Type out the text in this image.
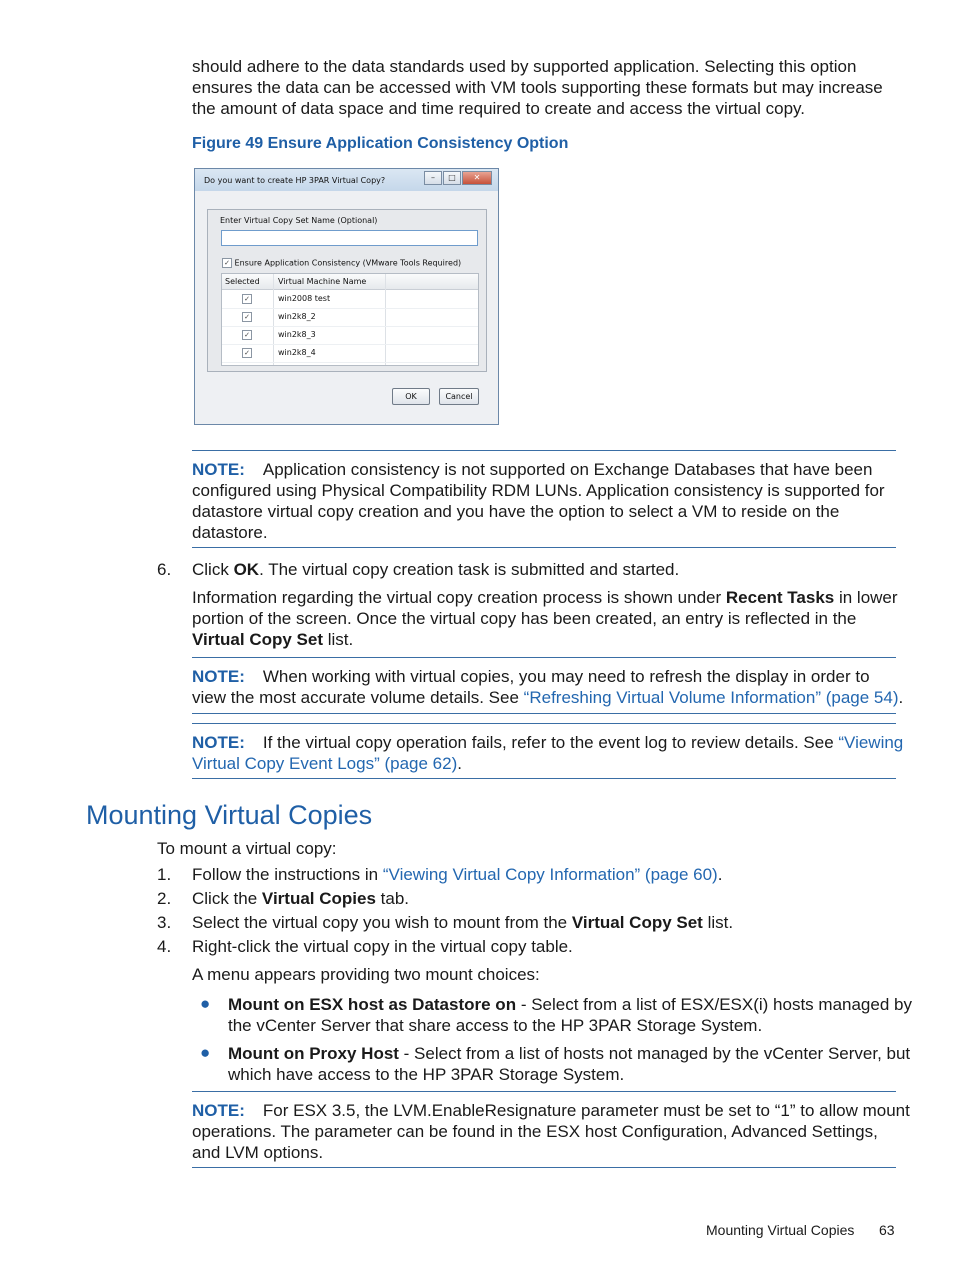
should adhere to the data standards used by supported application. Selecting this option

ensures the data can be accessed with VM tools supporting these formats but may increase

the amount of data space and time required to create and access the virtual copy.

Figure 49 Ensure Application Consistency Option
Do you want to create HP 3PAR Virtual Copy?	–	□	✕
Enter Virtual Copy Set Name (Optional)
✓ Ensure Application Consistency (VMware Tools Required)
Selected Virtual Machine Name
✓	win2008 test
✓	win2k8_2
✓	win2k8_3
✓	win2k8_4
OK	Cancel

NOTE: Application consistency is not supported on Exchange Databases that have been

configured using Physical Compatibility RDM LUNs. Application consistency is supported for

datastore virtual copy creation and you have the option to select a VM to reside on the

datastore.

6. Click OK. The virtual copy creation task is submitted and started.

Information regarding the virtual copy creation process is shown under Recent Tasks in lower

portion of the screen. Once the virtual copy has been created, an entry is reflected in the

Virtual Copy Set list.

NOTE: When working with virtual copies, you may need to refresh the display in order to

view the most accurate volume details. See “Refreshing Virtual Volume Information” (page 54).

NOTE: If the virtual copy operation fails, refer to the event log to review details. See “Viewing

Virtual Copy Event Logs” (page 62).

Mounting Virtual Copies

To mount a virtual copy:

1. Follow the instructions in “Viewing Virtual Copy Information” (page 60).

2. Click the Virtual Copies tab.

3. Select the virtual copy you wish to mount from the Virtual Copy Set list.

4. Right-click the virtual copy in the virtual copy table.

A menu appears providing two mount choices:

● Mount on ESX host as Datastore on - Select from a list of ESX/ESX(i) hosts managed by

the vCenter Server that share access to the HP 3PAR Storage System.

● Mount on Proxy Host - Select from a list of hosts not managed by the vCenter Server, but

which have access to the HP 3PAR Storage System.

NOTE: For ESX 3.5, the LVM.EnableResignature parameter must be set to “1” to allow mount

operations. The parameter can be found in the ESX host Configuration, Advanced Settings,

and LVM options.

Mounting Virtual Copies 63
